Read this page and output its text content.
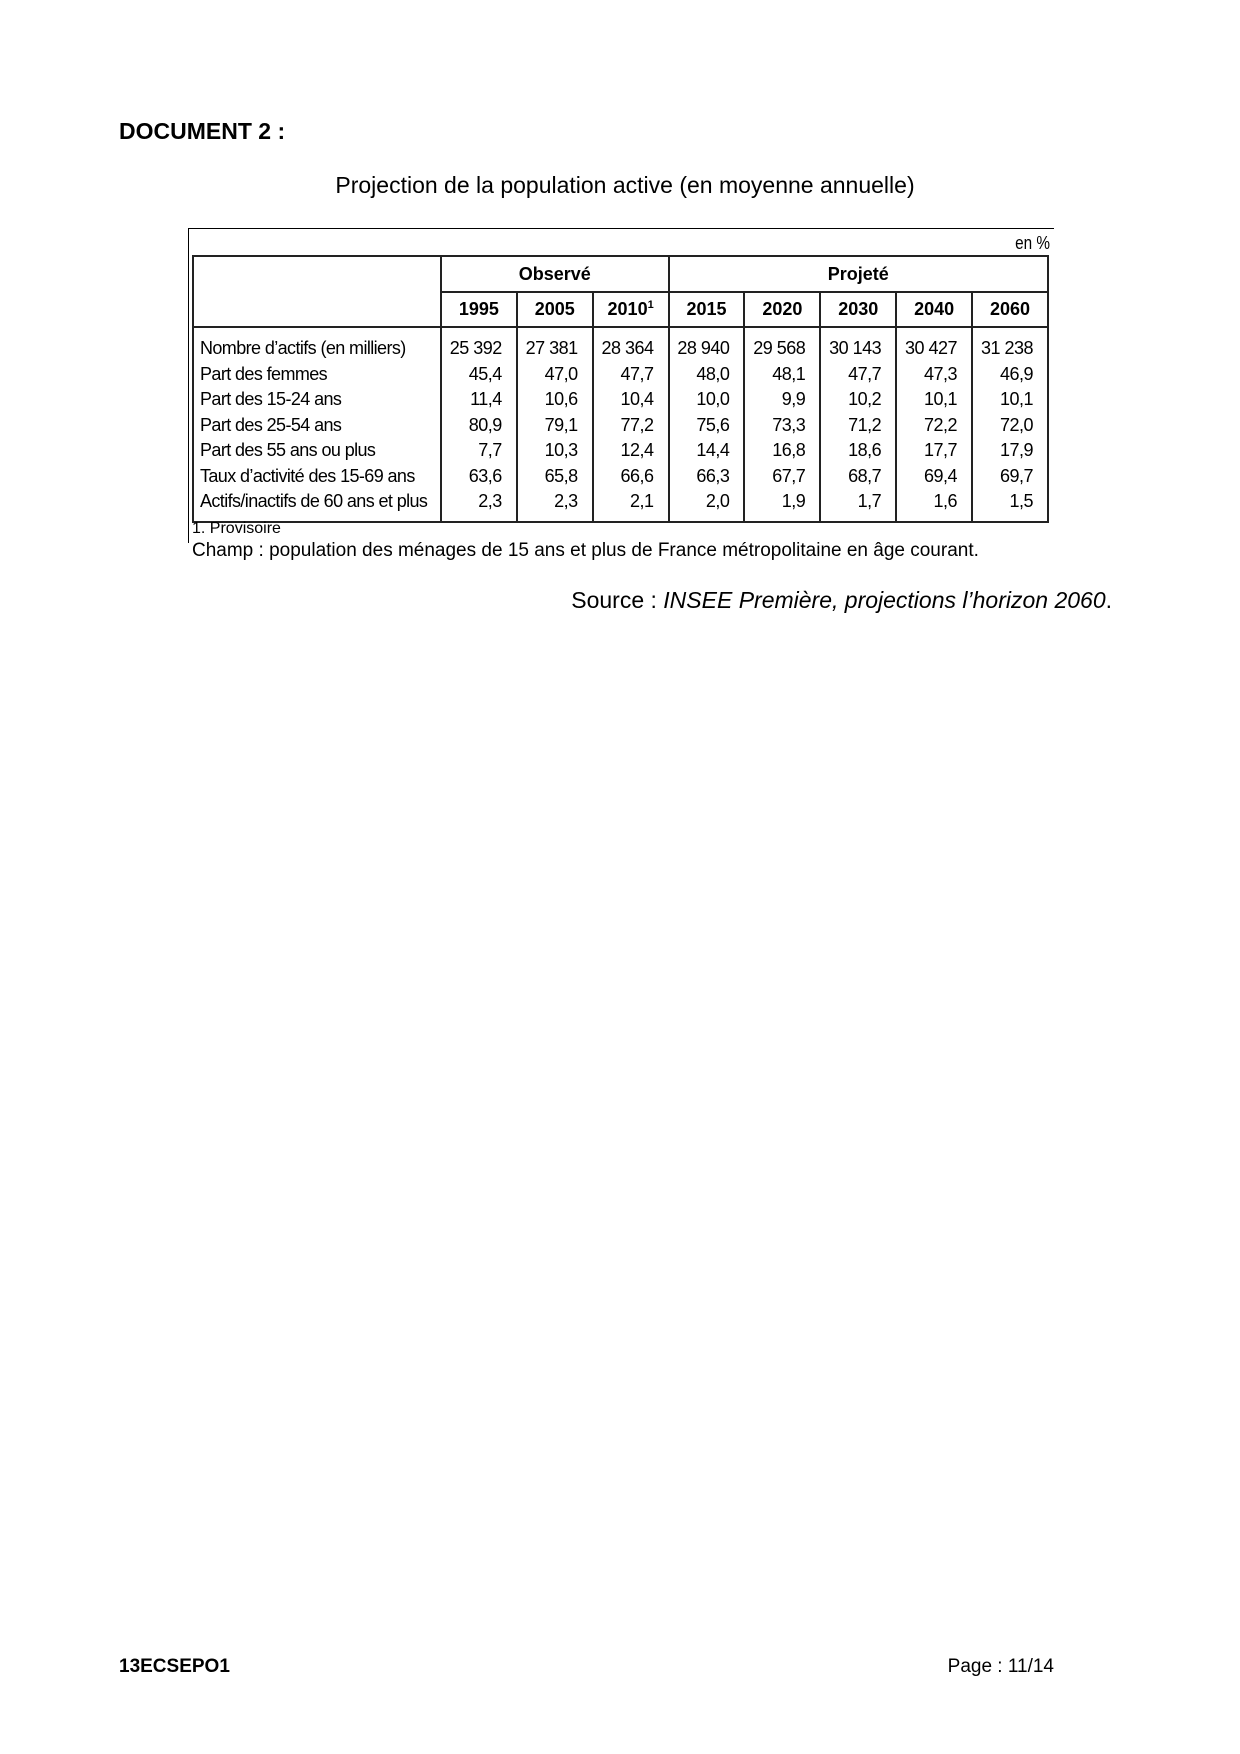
DOCUMENT 2 :
Projection de la population active (en moyenne annuelle)
en %
	Observé			Projeté				
	1995	2005	2010$^1$	2015	2020	2030	2040	2060
Nombre d’actifs (en milliers)	25 392	27 381	28 364	28 940	29 568	30 143	30 427	31 238
Part des femmes	45,4	47,0	47,7	48,0	48,1	47,7	47,3	46,9
Part des 15-24 ans	11,4	10,6	10,4	10,0	9,9	10,2	10,1	10,1
Part des 25-54 ans	80,9	79,1	77,2	75,6	73,3	71,2	72,2	72,0
Part des 55 ans ou plus	7,7	10,3	12,4	14,4	16,8	18,6	17,7	17,9
Taux d’activité des 15-69 ans	63,6	65,8	66,6	66,3	67,7	68,7	69,4	69,7
Actifs/inactifs de 60 ans et plus	2,3	2,3	2,1	2,0	1,9	1,7	1,6	1,5
1. Provisoire
Champ : population des ménages de 15 ans et plus de France métropolitaine en âge courant.
Source : INSEE Première, projections l’horizon 2060.
13ECSEPO1	Page : 11/14
